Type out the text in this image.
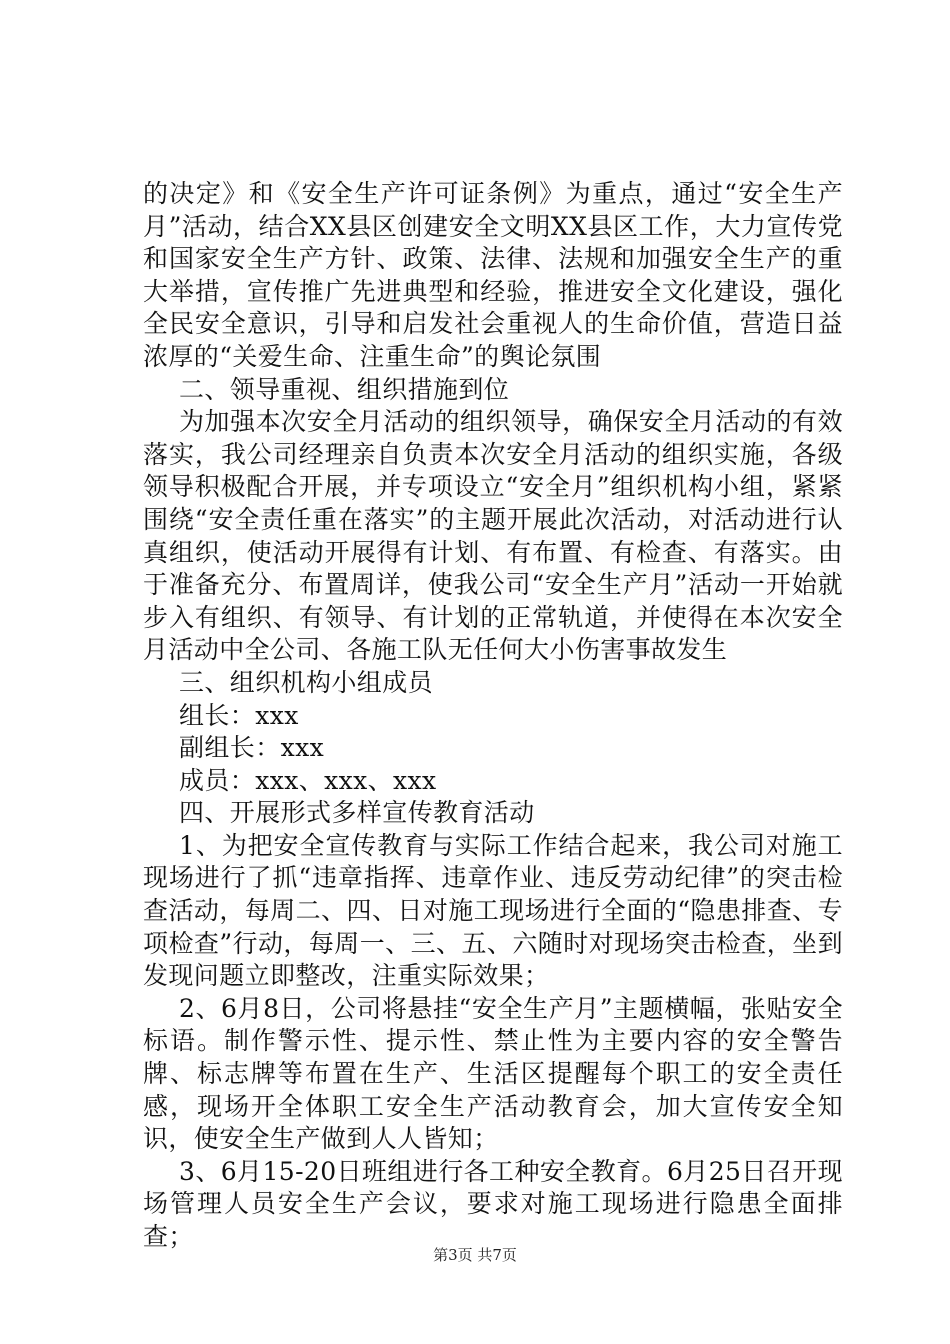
的决定》和《安全生产许可证条例》为重点，通过“安全生产月”活动，结合XX县区创建安全文明XX县区工作，大力宣传党和国家安全生产方针、政策、法律、法规和加强安全生产的重大举措，宣传推广先进典型和经验，推进安全文化建设，强化全民安全意识，引导和启发社会重视人的生命价值，营造日益浓厚的“关爱生命、注重生命”的舆论氛围

二、领导重视、组织措施到位

为加强本次安全月活动的组织领导，确保安全月活动的有效落实，我公司经理亲自负责本次安全月活动的组织实施，各级领导积极配合开展，并专项设立“安全月”组织机构小组，紧紧围绕“安全责任重在落实”的主题开展此次活动，对活动进行认真组织，使活动开展得有计划、有布置、有检查、有落实。由于准备充分、布置周详，使我公司“安全生产月”活动一开始就步入有组织、有领导、有计划的正常轨道，并使得在本次安全月活动中全公司、各施工队无任何大小伤害事故发生

三、组织机构小组成员

组长：xxx

副组长：xxx

成员：xxx、xxx、xxx

四、开展形式多样宣传教育活动

1、为把安全宣传教育与实际工作结合起来，我公司对施工现场进行了抓“违章指挥、违章作业、违反劳动纪律”的突击检查活动，每周二、四、日对施工现场进行全面的“隐患排查、专项检查”行动，每周一、三、五、六随时对现场突击检查，坐到发现问题立即整改，注重实际效果；

2、6月8日，公司将悬挂“安全生产月”主题横幅，张贴安全标语。制作警示性、提示性、禁止性为主要内容的安全警告牌、标志牌等布置在生产、生活区提醒每个职工的安全责任感，现场开全体职工安全生产活动教育会，加大宣传安全知识，使安全生产做到人人皆知；

3、6月15-20日班组进行各工种安全教育。6月25日召开现场管理人员安全生产会议，要求对施工现场进行隐患全面排查；

第3页 共7页
